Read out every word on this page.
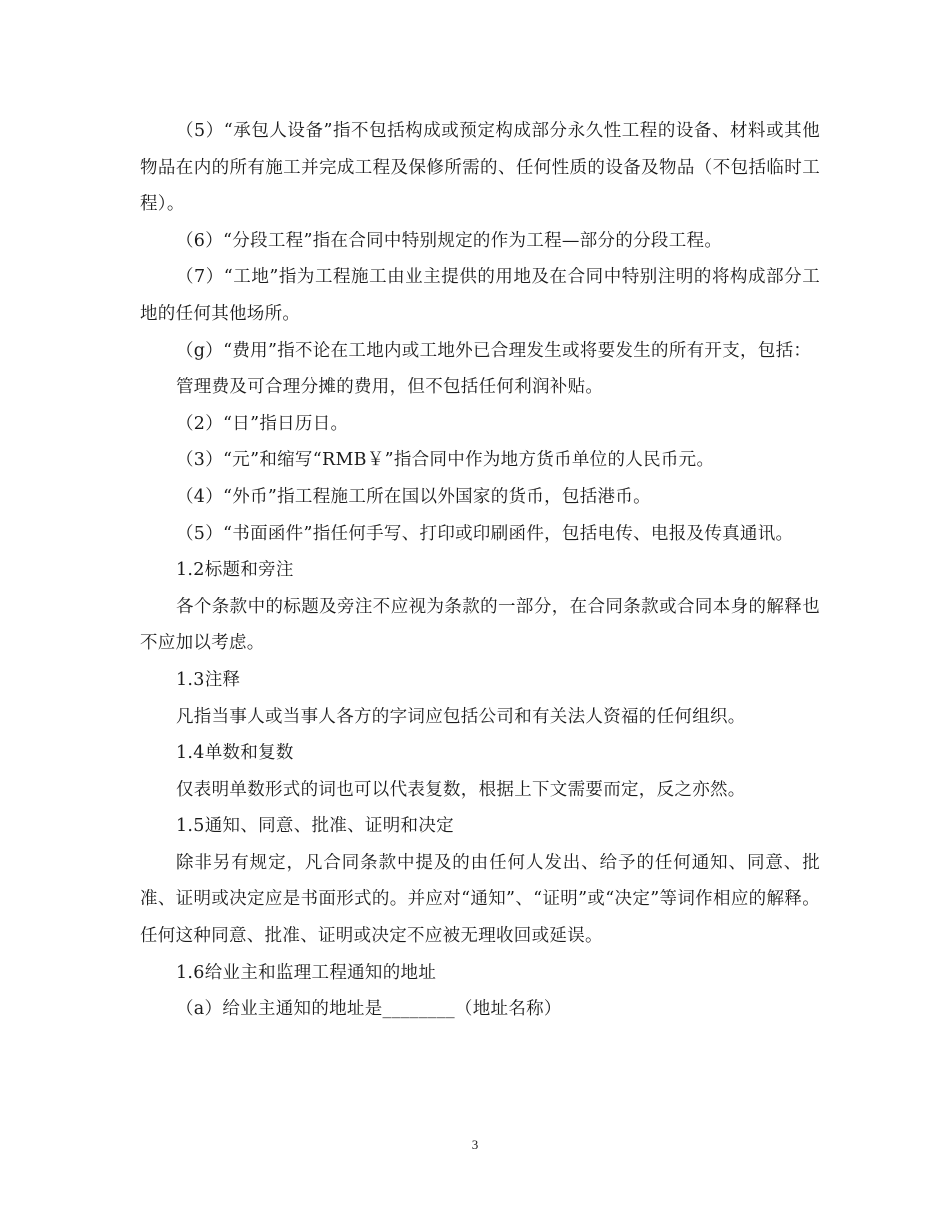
（5）“承包人设备”指不包括构成或预定构成部分永久性工程的设备、材料或其他物品在内的所有施工并完成工程及保修所需的、任何性质的设备及物品（不包括临时工程）。

（6）“分段工程”指在合同中特别规定的作为工程—部分的分段工程。

（7）“工地”指为工程施工由业主提供的用地及在合同中特别注明的将构成部分工地的任何其他场所。

（g）“费用”指不论在工地内或工地外已合理发生或将要发生的所有开支，包括：

管理费及可合理分摊的费用，但不包括任何利润补贴。

（2）“日”指日历日。

（3）“元”和缩写“RMB￥”指合同中作为地方货币单位的人民币元。

（4）“外币”指工程施工所在国以外国家的货币，包括港币。

（5）“书面函件”指任何手写、打印或印刷函件，包括电传、电报及传真通讯。

1.2标题和旁注

各个条款中的标题及旁注不应视为条款的一部分，在合同条款或合同本身的解释也不应加以考虑。

1.3注释

凡指当事人或当事人各方的字词应包括公司和有关法人资福的任何组织。

1.4单数和复数

仅表明单数形式的词也可以代表复数，根据上下文需要而定，反之亦然。

1.5通知、同意、批准、证明和决定

除非另有规定，凡合同条款中提及的由任何人发出、给予的任何通知、同意、批准、证明或决定应是书面形式的。并应对“通知”、“证明”或“决定”等词作相应的解释。任何这种同意、批准、证明或决定不应被无理收回或延误。

1.6给业主和监理工程通知的地址

（a）给业主通知的地址是________（地址名称）

3
